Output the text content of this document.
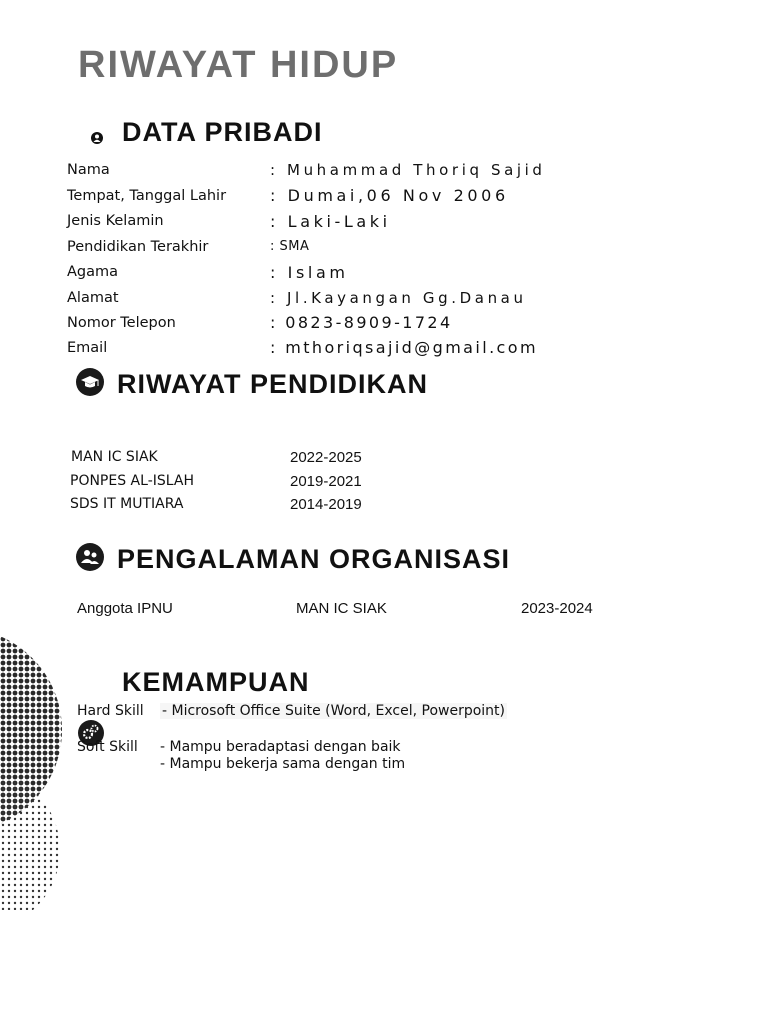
RIWAYAT HIDUP
DATA PRIBADI
Nama	: Muhammad Thoriq Sajid
Tempat, Tanggal Lahir	: Dumai,06 Nov 2006
Jenis Kelamin	: Laki-Laki
Pendidikan Terakhir	: SMA
Agama	: Islam
Alamat	: Jl.Kayangan Gg.Danau
Nomor Telepon	: 0823-8909-1724
Email	: mthoriqsajid@gmail.com
RIWAYAT PENDIDIKAN
MAN IC SIAK	2022-2025
PONPES AL-ISLAH	2019-2021
SDS IT MUTIARA	2014-2019
PENGALAMAN ORGANISASI
Anggota IPNU	MAN IC SIAK	2023-2024
KEMAMPUAN
Hard Skill - Microsoft Office Suite (Word, Excel, Powerpoint)
Soft Skill - Mampu beradaptasi dengan baik
- Mampu bekerja sama dengan tim
